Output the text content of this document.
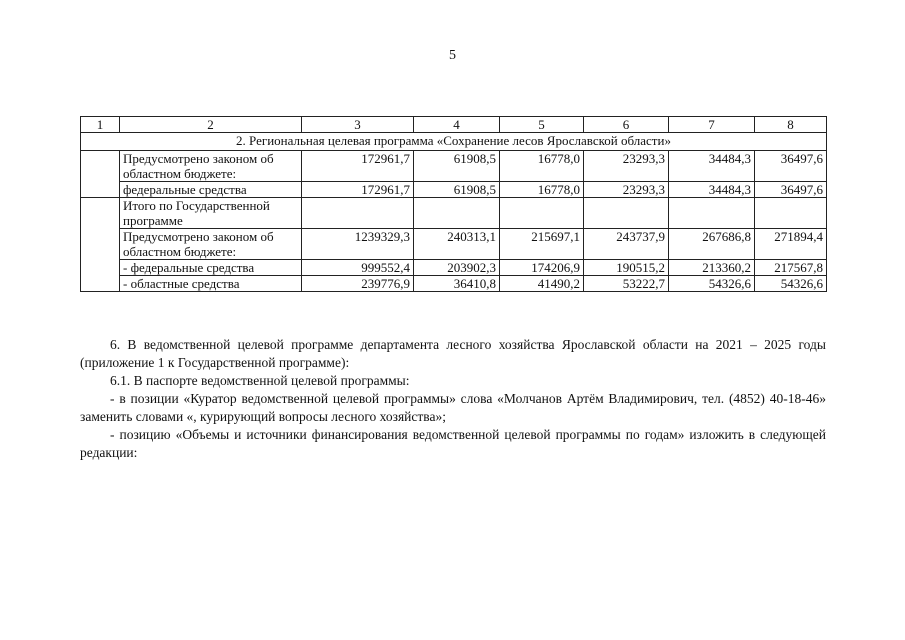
5
1	2	3	4	5	6	7	8
2. Региональная целевая программа «Сохранение лесов Ярославской области»							
	Предусмотрено законом об областном бюджете:	172961,7	61908,5	16778,0	23293,3	34484,3	36497,6
	федеральные средства	172961,7	61908,5	16778,0	23293,3	34484,3	36497,6
	Итого по Государственной программе						
	Предусмотрено законом об областном бюджете:	1239329,3	240313,1	215697,1	243737,9	267686,8	271894,4
	- федеральные средства	999552,4	203902,3	174206,9	190515,2	213360,2	217567,8
	- областные средства	239776,9	36410,8	41490,2	53222,7	54326,6	54326,6
6. В ведомственной целевой программе департамента лесного хозяйства Ярославской области на 2021 – 2025 годы (приложение 1 к Государственной программе):
6.1. В паспорте ведомственной целевой программы:
- в позиции «Куратор ведомственной целевой программы» слова «Молчанов Артём Владимирович, тел. (4852) 40-18-46» заменить словами «, курирующий вопросы лесного хозяйства»;
- позицию «Объемы и источники финансирования ведомственной целевой программы по годам» изложить в следующей редакции:
